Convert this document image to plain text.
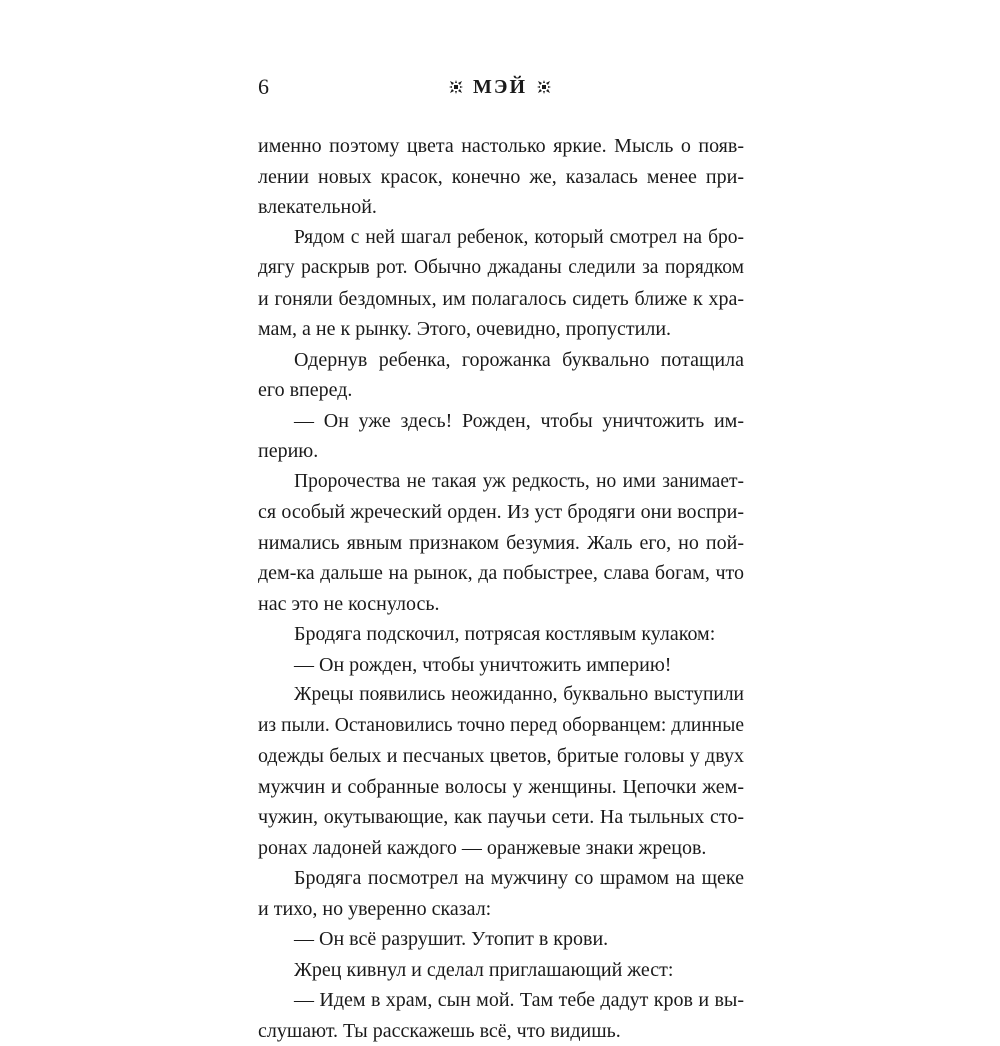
6	МЭЙ
именно поэтому цвета настолько яркие. Мысль о появ-
лении новых красок, конечно же, казалась менее при-
влекательной.
Рядом с ней шагал ребенок, который смотрел на бро-
дягу раскрыв рот. Обычно джаданы следили за порядком
и гоняли бездомных, им полагалось сидеть ближе к хра-
мам, а не к рынку. Этого, очевидно, пропустили.
Одернув ребенка, горожанка буквально потащила
его вперед.
— Он уже здесь! Рожден, чтобы уничтожить им-
перию.
Пророчества не такая уж редкость, но ими занимает-
ся особый жреческий орден. Из уст бродяги они воспри-
нимались явным признаком безумия. Жаль его, но пой-
дем-ка дальше на рынок, да побыстрее, слава богам, что
нас это не коснулось.
Бродяга подскочил, потрясая костлявым кулаком:
— Он рожден, чтобы уничтожить империю!
Жрецы появились неожиданно, буквально выступили
из пыли. Остановились точно перед оборванцем: длинные
одежды белых и песчаных цветов, бритые головы у двух
мужчин и собранные волосы у женщины. Цепочки жем-
чужин, окутывающие, как паучьи сети. На тыльных сто-
ронах ладоней каждого — оранжевые знаки жрецов.
Бродяга посмотрел на мужчину со шрамом на щеке
и тихо, но уверенно сказал:
— Он всё разрушит. Утопит в крови.
Жрец кивнул и сделал приглашающий жест:
— Идем в храм, сын мой. Там тебе дадут кров и вы-
слушают. Ты расскажешь всё, что видишь.
